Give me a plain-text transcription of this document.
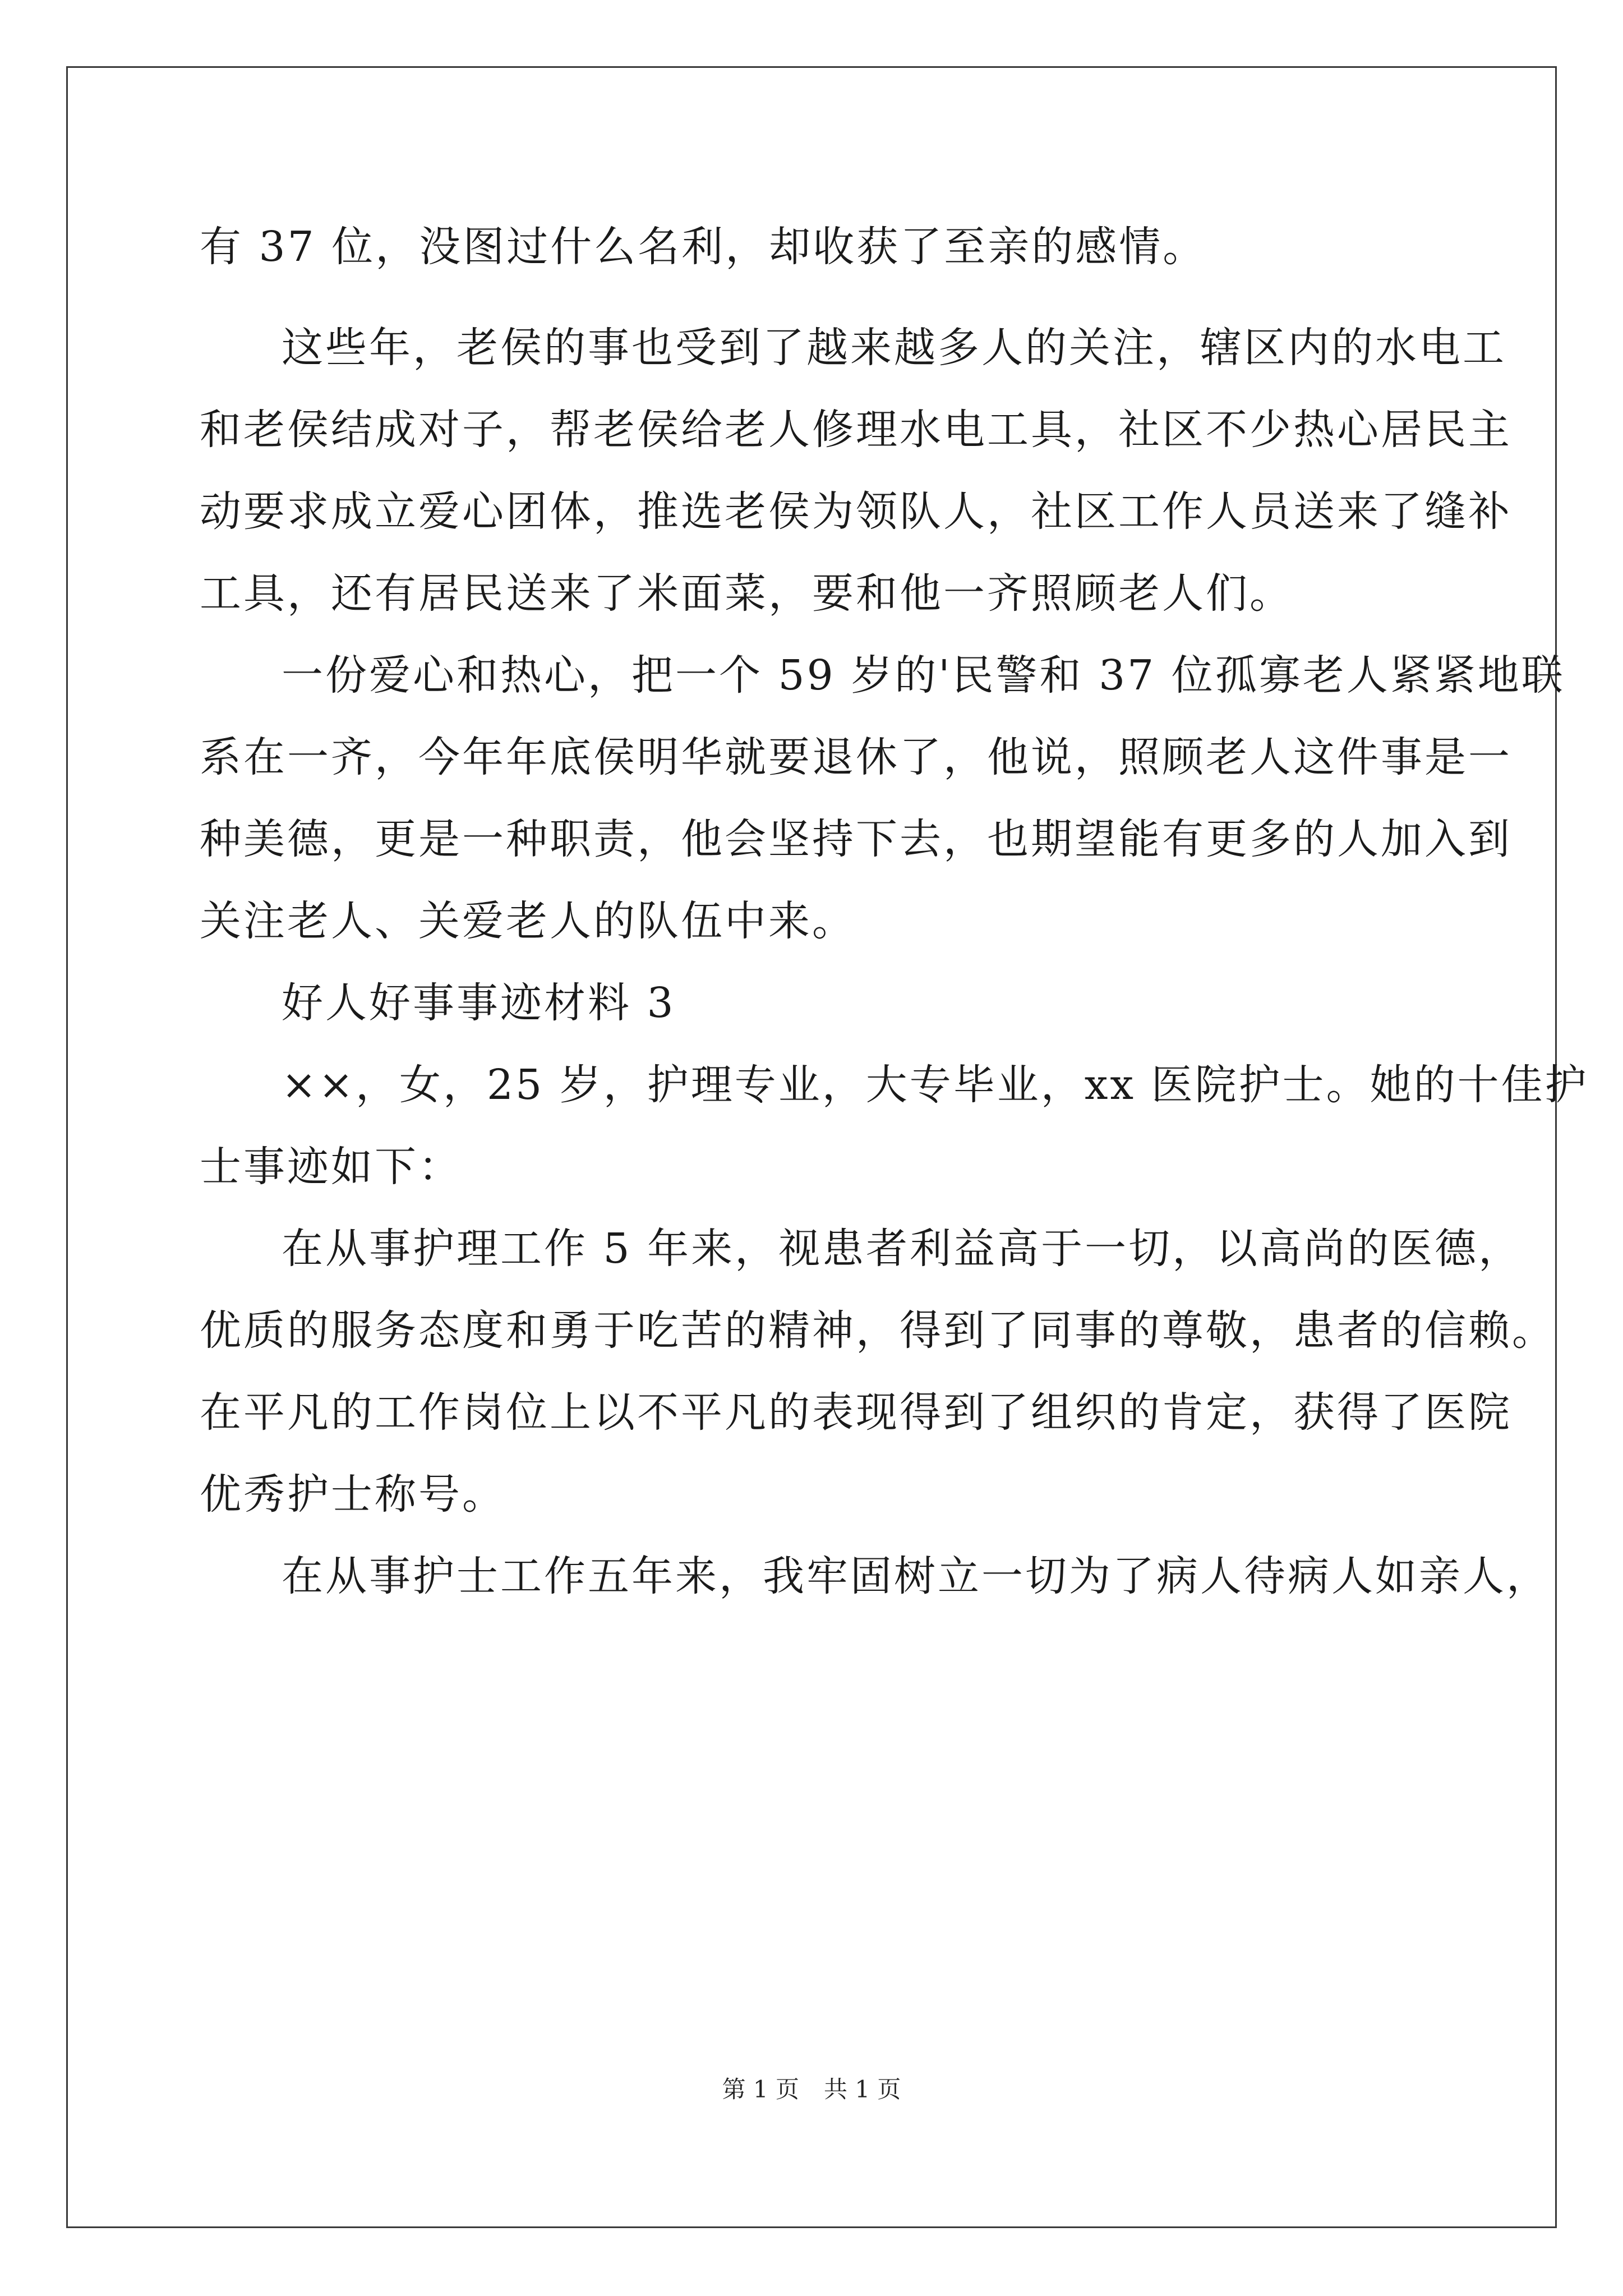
有 37 位，没图过什么名利，却收获了至亲的感情。
这些年，老侯的事也受到了越来越多人的关注，辖区内的水电工
和老侯结成对子，帮老侯给老人修理水电工具，社区不少热心居民主
动要求成立爱心团体，推选老侯为领队人，社区工作人员送来了缝补
工具，还有居民送来了米面菜，要和他一齐照顾老人们。
一份爱心和热心，把一个 59 岁的'民警和 37 位孤寡老人紧紧地联
系在一齐，今年年底侯明华就要退休了，他说，照顾老人这件事是一
种美德，更是一种职责，他会坚持下去，也期望能有更多的人加入到
关注老人、关爱老人的队伍中来。
好人好事事迹材料 3
××，女，25 岁，护理专业，大专毕业，xx 医院护士。她的十佳护
士事迹如下：
在从事护理工作 5 年来，视患者利益高于一切，以高尚的医德，
优质的服务态度和勇于吃苦的精神，得到了同事的尊敬，患者的信赖。
在平凡的工作岗位上以不平凡的表现得到了组织的肯定，获得了医院
优秀护士称号。
在从事护士工作五年来，我牢固树立一切为了病人待病人如亲人，
第 1 页 共 1 页
